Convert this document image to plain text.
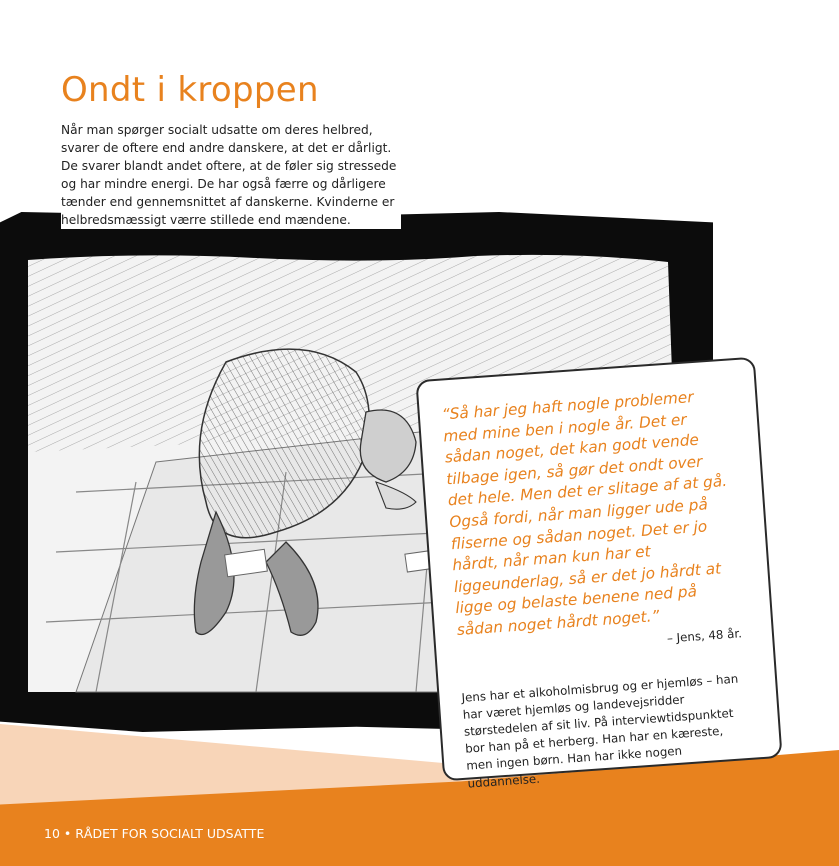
Ondt i kroppen

Når man spørger socialt udsatte om deres helbred, svarer de oftere end andre danskere, at det er dårligt. De svarer blandt andet oftere, at de føler sig stressede og har mindre energi. De har også færre og dårligere tænder end gennemsnittet af danskerne. Kvinderne er helbredsmæssigt værre stillede end mændene.

“Så har jeg haft nogle problemer med mine ben i nogle år. Det er sådan noget, det kan godt vende tilbage igen, så gør det ondt over det hele. Men det er slitage af at gå. Også fordi, når man ligger ude på fliserne og sådan noget. Det er jo hårdt, når man kun har et liggeunderlag, så er det jo hårdt at ligge og belaste benene ned på sådan noget hårdt noget.” – Jens, 48 år.
Jens har et alkoholmisbrug og er hjemløs – han har været hjemløs og landevejsridder størstedelen af sit liv. På interviewtidspunktet bor han på et herberg. Han har en kæreste, men ingen børn. Han har ikke nogen uddannelse.
10 • RÅDET FOR SOCIALT UDSATTE
